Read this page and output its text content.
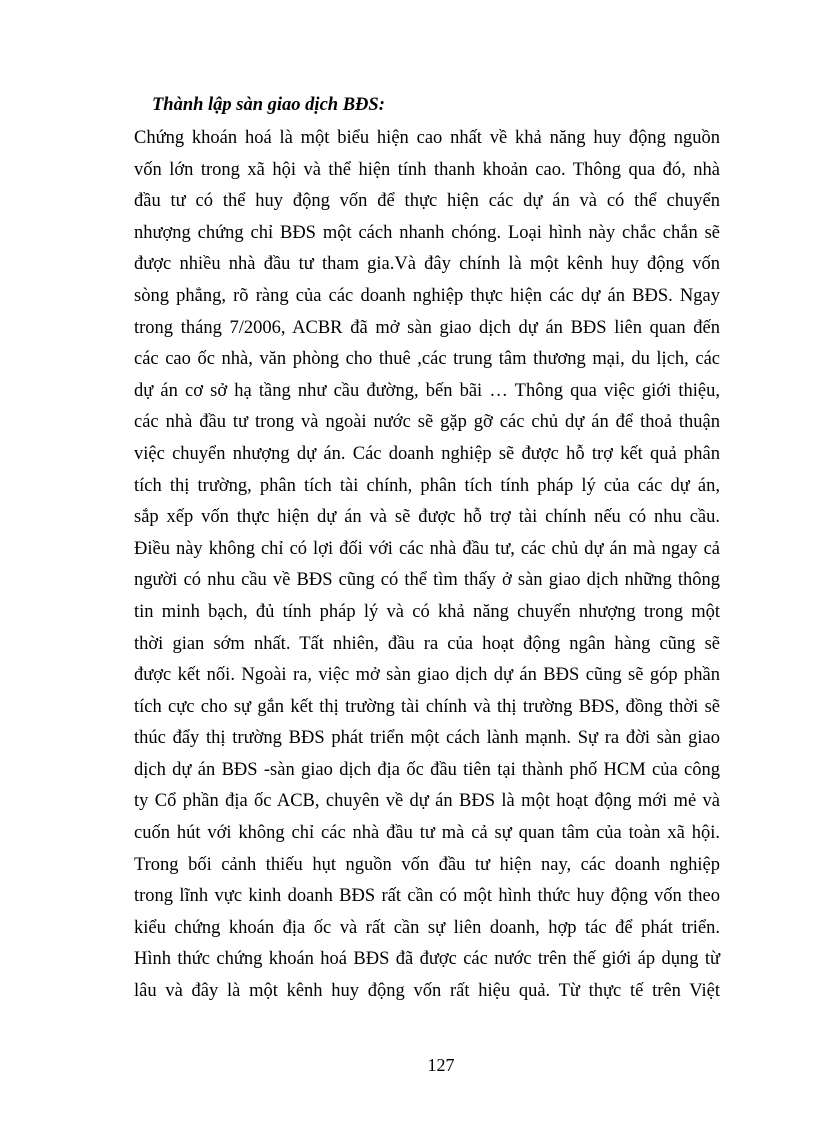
Thành lập sàn giao dịch BĐS:
Chứng khoán hoá là một biểu hiện cao nhất về khả năng huy động nguồn
vốn lớn trong xã hội và thể hiện tính thanh khoản cao. Thông qua đó, nhà
đầu tư có thể huy động vốn để thực hiện các dự án và có thể chuyển
nhượng chứng chỉ BĐS một cách nhanh chóng. Loại hình này chắc chắn sẽ
được nhiều nhà đầu tư tham gia.Và đây chính là một kênh huy động vốn
sòng phẳng, rõ ràng của các doanh nghiệp thực hiện các dự án BĐS. Ngay
trong tháng 7/2006, ACBR đã mở sàn giao dịch dự án BĐS liên quan đến
các cao ốc nhà, văn phòng cho thuê ,các trung tâm thương mại, du lịch, các
dự án cơ sở hạ tầng như cầu đường, bến bãi … Thông qua việc giới thiệu,
các nhà đầu tư trong và ngoài nước sẽ gặp gỡ các chủ dự án để thoả thuận
việc chuyển nhượng dự án. Các doanh nghiệp sẽ được hỗ trợ kết quả phân
tích thị trường, phân tích tài chính, phân tích tính pháp lý của các dự án,
sắp xếp vốn thực hiện dự án và sẽ được hỗ trợ tài chính nếu có nhu cầu.
Điều này không chỉ có lợi đối với các nhà đầu tư, các chủ dự án mà ngay cả
người có nhu cầu về BĐS cũng có thể tìm thấy ở sàn giao dịch những thông
tin minh bạch, đủ tính pháp lý và có khả năng chuyển nhượng trong một
thời gian sớm nhất. Tất nhiên, đầu ra của hoạt động ngân hàng cũng sẽ
được kết nối. Ngoài ra, việc mở sàn giao dịch dự án BĐS cũng sẽ góp phần
tích cực cho sự gắn kết thị trường tài chính và thị trường BĐS, đồng thời sẽ
thúc đẩy thị trường BĐS phát triển một cách lành mạnh. Sự ra đời sàn giao
dịch dự án BĐS -sàn giao dịch địa ốc đầu tiên tại thành phố HCM của công
ty Cổ phần địa ốc ACB, chuyên về dự án BĐS là một hoạt động mới mẻ và
cuốn hút với không chỉ các nhà đầu tư mà cả sự quan tâm của toàn xã hội.
Trong bối cảnh thiếu hụt nguồn vốn đầu tư hiện nay, các doanh nghiệp
trong lĩnh vực kinh doanh BĐS rất cần có một hình thức huy động vốn theo
kiểu chứng khoán địa ốc và rất cần sự liên doanh, hợp tác để phát triển.
Hình thức chứng khoán hoá BĐS đã được các nước trên thế giới áp dụng từ
lâu và đây là một kênh huy động vốn rất hiệu quả. Từ thực tế trên Việt
127
